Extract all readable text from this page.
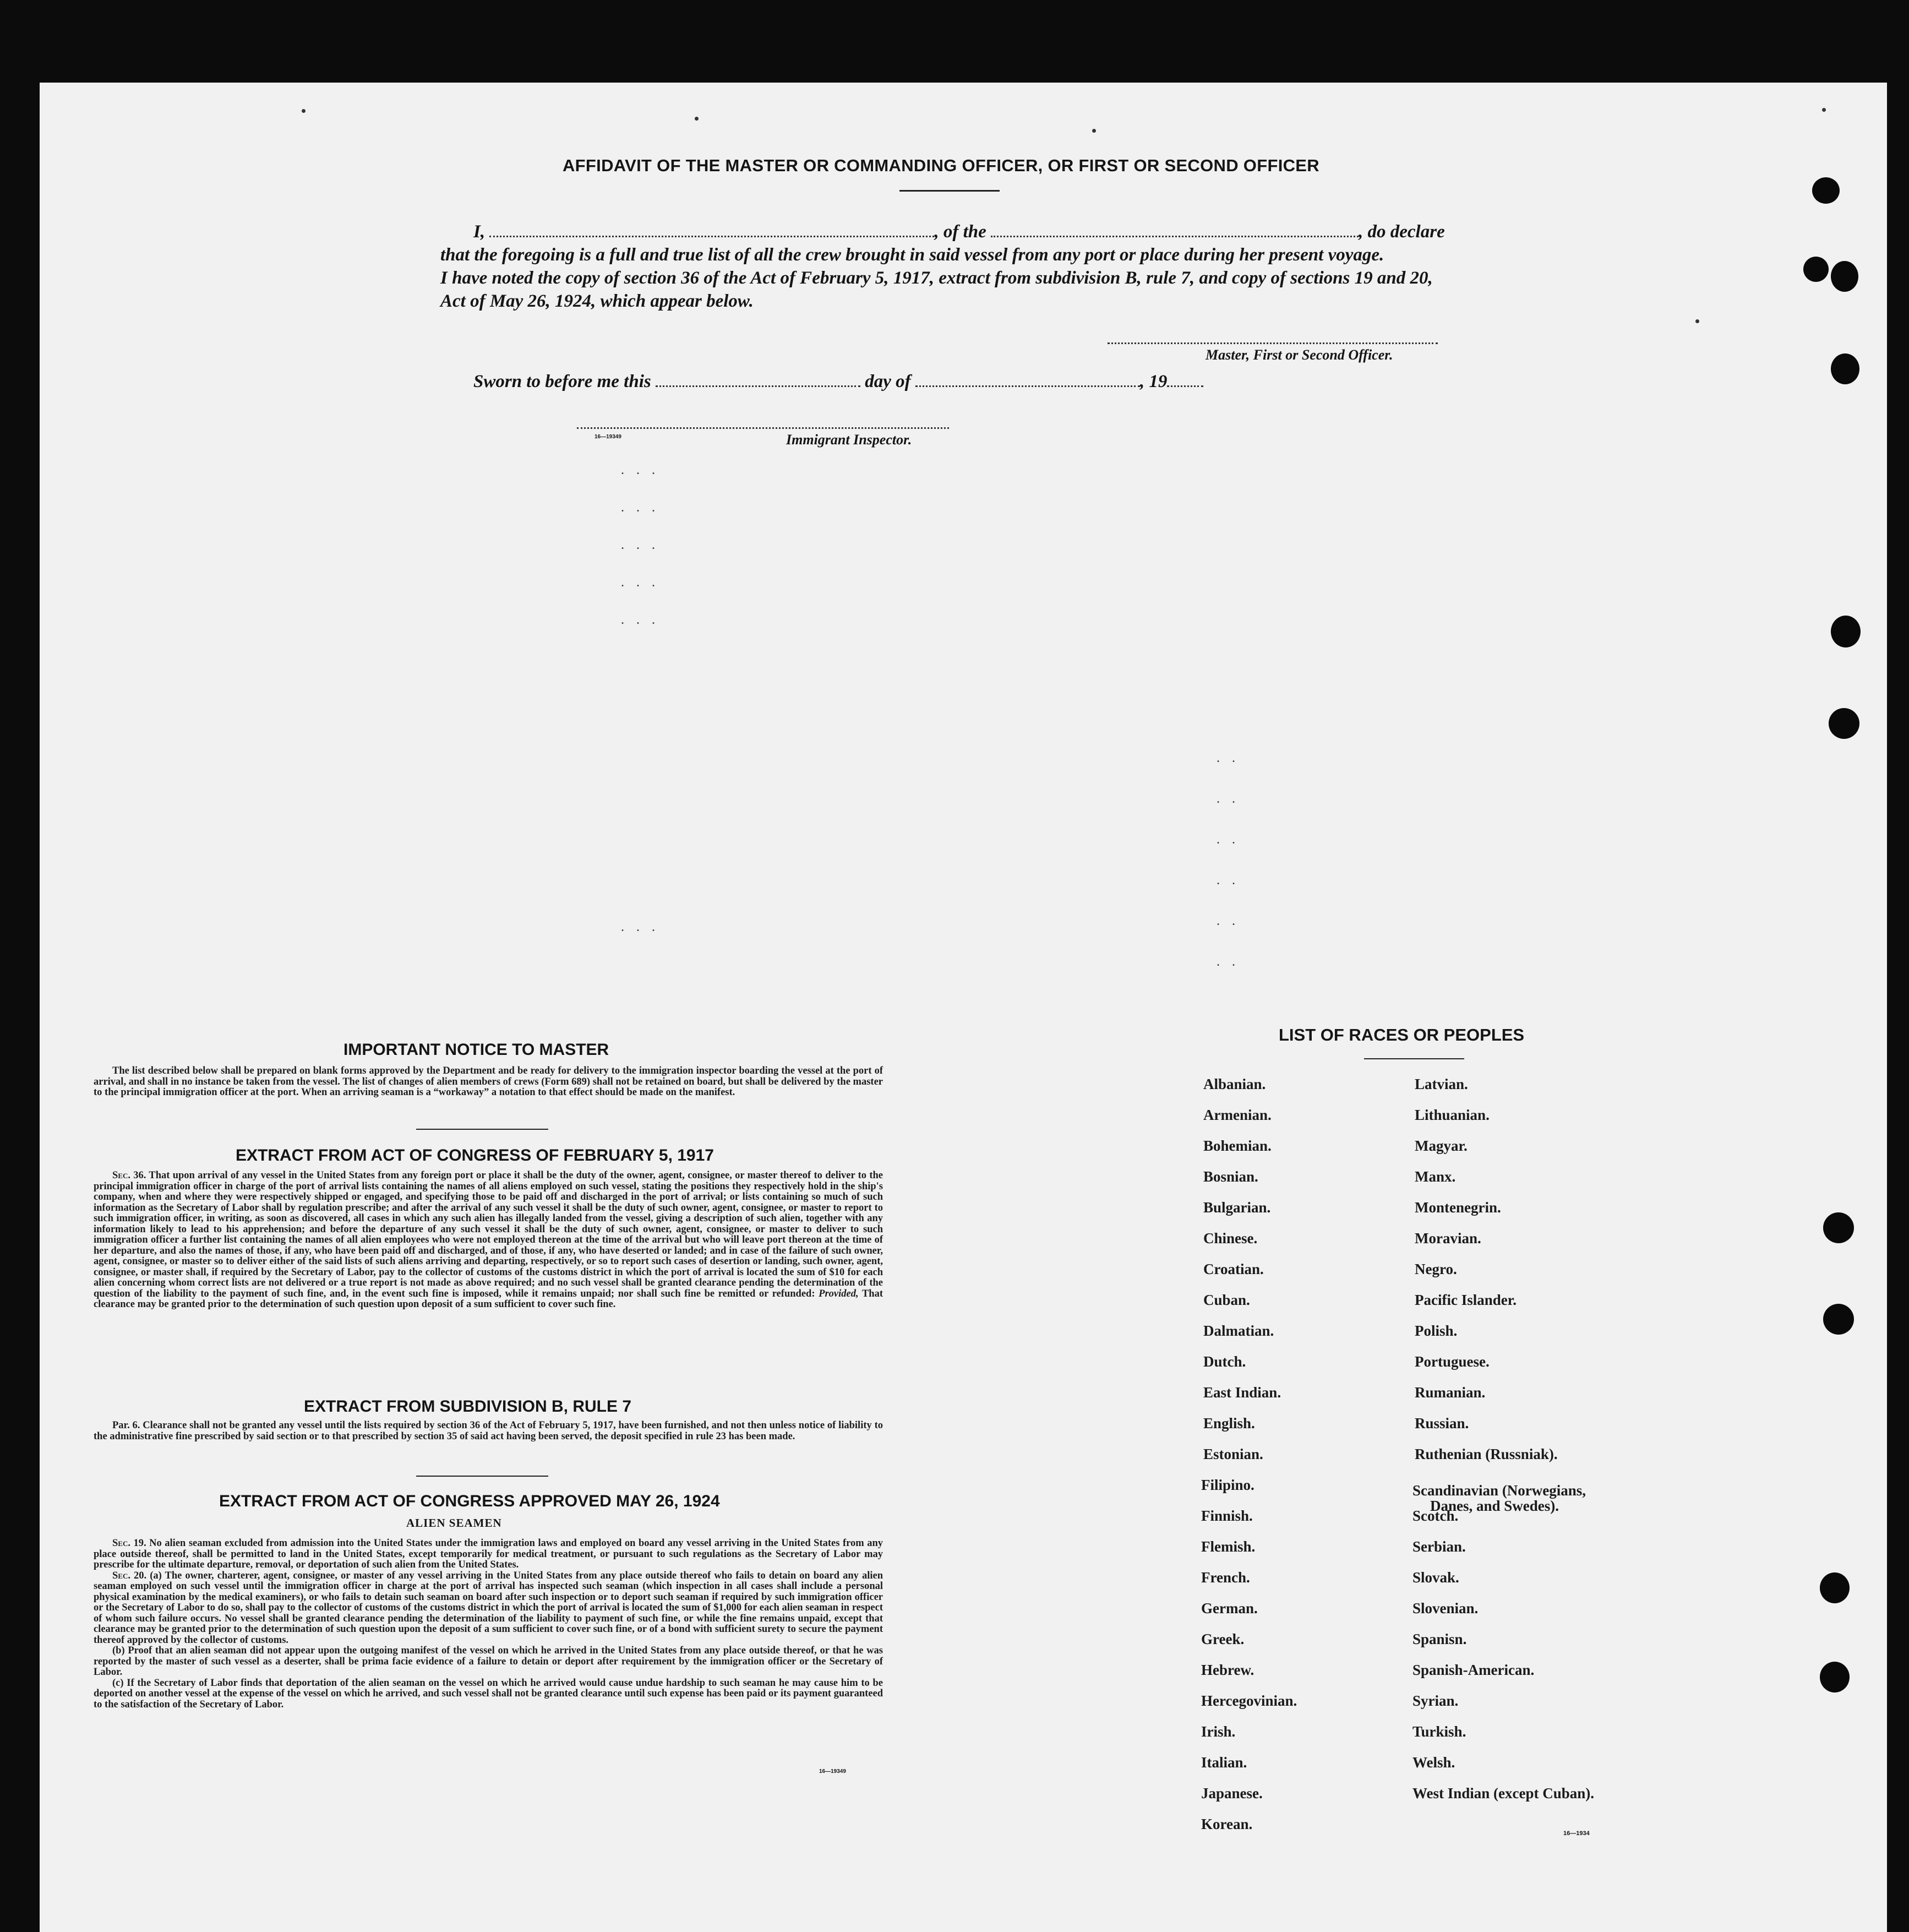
AFFIDAVIT OF THE MASTER OR COMMANDING OFFICER, OR FIRST OR SECOND OFFICER
I,	, of the	, do declare
that the foregoing is a full and true list of all the crew brought in said vessel from any port or place during her present voyage.
I have noted the copy of section 36 of the Act of February 5, 1917, extract from subdivision B, rule 7, and copy of sections 19 and 20,
Act of May 26, 1924, which appear below.
Master, First or Second Officer.
Sworn to before me this	day of	, 19
16—19349	Immigrant Inspector.
...
...
...
...
...
...
..
..
..
..
..
..
IMPORTANT NOTICE TO MASTER
The list described below shall be prepared on blank forms approved by the Department and be ready for delivery to the immigration inspector boarding the vessel at the port of arrival, and shall in no instance be taken from the vessel. The list of changes of alien members of crews (Form 689) shall not be retained on board, but shall be delivered by the master to the principal immigration officer at the port. When an arriving seaman is a “workaway” a notation to that effect should be made on the manifest.
EXTRACT FROM ACT OF CONGRESS OF FEBRUARY 5, 1917
Sec. 36. That upon arrival of any vessel in the United States from any foreign port or place it shall be the duty of the owner, agent, consignee, or master thereof to deliver to the principal immigration officer in charge of the port of arrival lists containing the names of all aliens employed on such vessel, stating the positions they respectively hold in the ship's company, when and where they were respectively shipped or engaged, and specifying those to be paid off and discharged in the port of arrival; or lists containing so much of such information as the Secretary of Labor shall by regulation prescribe; and after the arrival of any such vessel it shall be the duty of such owner, agent, consignee, or master to report to such immigration officer, in writing, as soon as discovered, all cases in which any such alien has illegally landed from the vessel, giving a description of such alien, together with any information likely to lead to his apprehension; and before the departure of any such vessel it shall be the duty of such owner, agent, consignee, or master to deliver to such immigration officer a further list containing the names of all alien employees who were not employed thereon at the time of the arrival but who will leave port thereon at the time of her departure, and also the names of those, if any, who have been paid off and discharged, and of those, if any, who have deserted or landed; and in case of the failure of such owner, agent, consignee, or master so to deliver either of the said lists of such aliens arriving and departing, respectively, or so to report such cases of desertion or landing, such owner, agent, consignee, or master shall, if required by the Secretary of Labor, pay to the collector of customs of the customs district in which the port of arrival is located the sum of $10 for each alien concerning whom correct lists are not delivered or a true report is not made as above required; and no such vessel shall be granted clearance pending the determination of the question of the liability to the payment of such fine, and, in the event such fine is imposed, while it remains unpaid; nor shall such fine be remitted or refunded: Provided, That clearance may be granted prior to the determination of such question upon deposit of a sum sufficient to cover such fine.
EXTRACT FROM SUBDIVISION B, RULE 7
Par. 6. Clearance shall not be granted any vessel until the lists required by section 36 of the Act of February 5, 1917, have been furnished, and not then unless notice of liability to the administrative fine prescribed by said section or to that prescribed by section 35 of said act having been served, the deposit specified in rule 23 has been made.
EXTRACT FROM ACT OF CONGRESS APPROVED MAY 26, 1924
ALIEN SEAMEN
Sec. 19. No alien seaman excluded from admission into the United States under the immigration laws and employed on board any vessel arriving in the United States from any place outside thereof, shall be permitted to land in the United States, except temporarily for medical treatment, or pursuant to such regulations as the Secretary of Labor may prescribe for the ultimate departure, removal, or deportation of such alien from the United States.
Sec. 20. (a) The owner, charterer, agent, consignee, or master of any vessel arriving in the United States from any place outside thereof who fails to detain on board any alien seaman employed on such vessel until the immigration officer in charge at the port of arrival has inspected such seaman (which inspection in all cases shall include a personal physical examination by the medical examiners), or who fails to detain such seaman on board after such inspection or to deport such seaman if required by such immigration officer or the Secretary of Labor to do so, shall pay to the collector of customs of the customs district in which the port of arrival is located the sum of $1,000 for each alien seaman in respect of whom such failure occurs. No vessel shall be granted clearance pending the determination of the liability to payment of such fine, or while the fine remains unpaid, except that clearance may be granted prior to the determination of such question upon the deposit of a sum sufficient to cover such fine, or of a bond with sufficient surety to secure the payment thereof approved by the collector of customs.
(b) Proof that an alien seaman did not appear upon the outgoing manifest of the vessel on which he arrived in the United States from any place outside thereof, or that he was reported by the master of such vessel as a deserter, shall be prima facie evidence of a failure to detain or deport after requirement by the immigration officer or the Secretary of Labor.
(c) If the Secretary of Labor finds that deportation of the alien seaman on the vessel on which he arrived would cause undue hardship to such seaman he may cause him to be deported on another vessel at the expense of the vessel on which he arrived, and such vessel shall not be granted clearance until such expense has been paid or its payment guaranteed to the satisfaction of the Secretary of Labor.
16—19349
LIST OF RACES OR PEOPLES
Albanian.
Armenian.
Bohemian.
Bosnian.
Bulgarian.
Chinese.
Croatian.
Cuban.
Dalmatian.
Dutch.
East Indian.
English.
Estonian.
Filipino.
Finnish.
Flemish.
French.
German.
Greek.
Hebrew.
Hercegovinian.
Irish.
Italian.
Japanese.
Korean.
Latvian.
Lithuanian.
Magyar.
Manx.
Montenegrin.
Moravian.
Negro.
Pacific Islander.
Polish.
Portuguese.
Rumanian.
Russian.
Ruthenian (Russniak).
Scandinavian (Norwegians,
Danes, and Swedes).
Scotch.
Serbian.
Slovak.
Slovenian.
Spanisn.
Spanish-American.
Syrian.
Turkish.
Welsh.
West Indian (except Cuban).
16—1934
